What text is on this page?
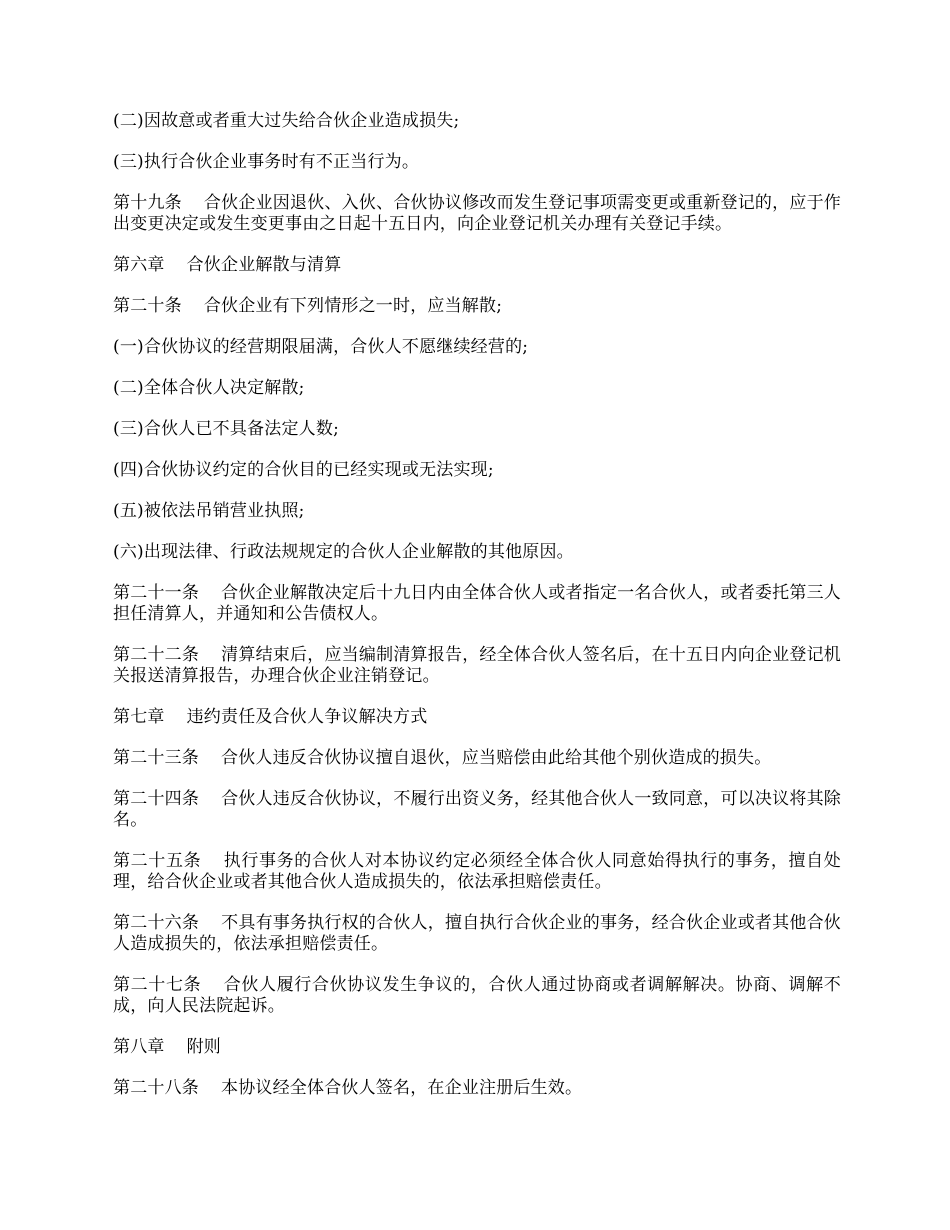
(二)因故意或者重大过失给合伙企业造成损失;

(三)执行合伙企业事务时有不正当行为。

第十九条 合伙企业因退伙、入伙、合伙协议修改而发生登记事项需变更或重新登记的，应于作出变更决定或发生变更事由之日起十五日内，向企业登记机关办理有关登记手续。

第六章 合伙企业解散与清算

第二十条 合伙企业有下列情形之一时，应当解散;

(一)合伙协议的经营期限届满，合伙人不愿继续经营的;

(二)全体合伙人决定解散;

(三)合伙人已不具备法定人数;

(四)合伙协议约定的合伙目的已经实现或无法实现;

(五)被依法吊销营业执照;

(六)出现法律、行政法规规定的合伙人企业解散的其他原因。

第二十一条 合伙企业解散决定后十九日内由全体合伙人或者指定一名合伙人，或者委托第三人担任清算人，并通知和公告债权人。

第二十二条 清算结束后，应当编制清算报告，经全体合伙人签名后，在十五日内向企业登记机关报送清算报告，办理合伙企业注销登记。

第七章 违约责任及合伙人争议解决方式

第二十三条 合伙人违反合伙协议擅自退伙，应当赔偿由此给其他个别伙造成的损失。

第二十四条 合伙人违反合伙协议，不履行出资义务，经其他合伙人一致同意，可以决议将其除名。

第二十五条 执行事务的合伙人对本协议约定必须经全体合伙人同意始得执行的事务，擅自处理，给合伙企业或者其他合伙人造成损失的，依法承担赔偿责任。

第二十六条 不具有事务执行权的合伙人，擅自执行合伙企业的事务，经合伙企业或者其他合伙人造成损失的，依法承担赔偿责任。

第二十七条 合伙人履行合伙协议发生争议的，合伙人通过协商或者调解解决。协商、调解不成，向人民法院起诉。

第八章 附则

第二十八条 本协议经全体合伙人签名，在企业注册后生效。
